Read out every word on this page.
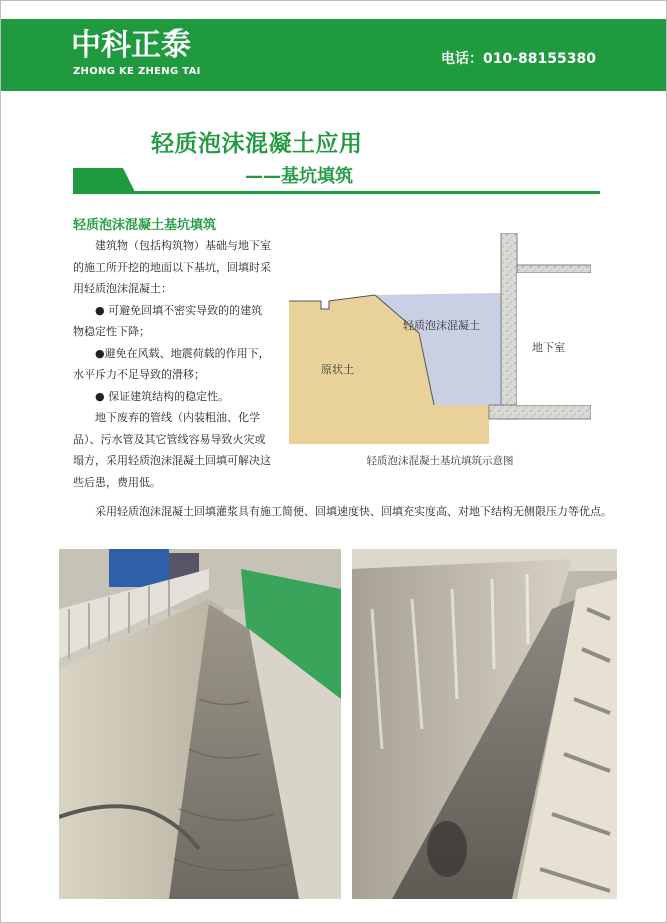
中科正泰
ZHONG KE ZHENG TAI
电话：010-88155380
轻质泡沫混凝土应用
——基坑填筑
轻质泡沫混凝土基坑填筑

建筑物（包括构筑物）基础与地下室的施工所开挖的地面以下基坑，回填时采用轻质泡沫混凝土：

● 可避免回填不密实导致的的建筑物稳定性下降；

●避免在风载、地震荷载的作用下，水平斥力不足导致的滑移；

● 保证建筑结构的稳定性。

地下废弃的管线（内装粗油、化学品）、污水管及其它管线容易导致火灾或塌方，采用轻质泡沫混凝土回填可解决这些后患，费用低。

采用轻质泡沫混凝土回填灌浆具有施工简便、回填速度快、回填充实度高、对地下结构无侧限压力等优点。
原状土
轻质泡沫混凝土
地下室
轻质泡沫混凝土基坑填筑示意图
